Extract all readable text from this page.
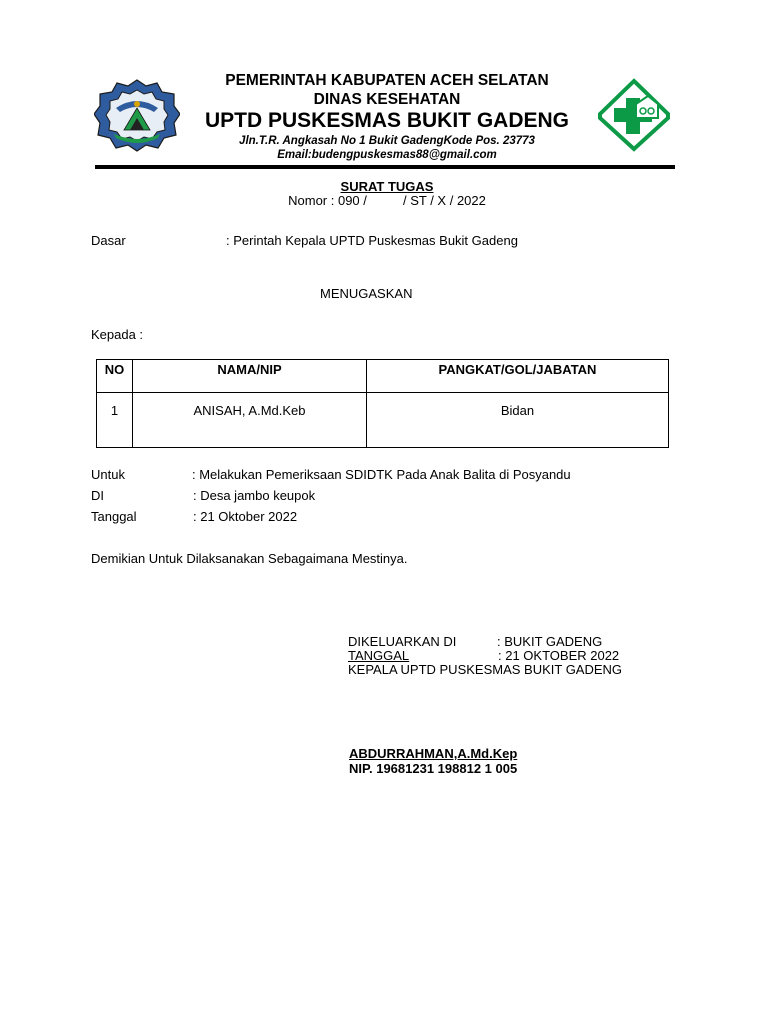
PEMERINTAH KABUPATEN ACEH SELATAN
DINAS KESEHATAN
UPTD PUSKESMAS BUKIT GADENG
Jln.T.R. Angkasah No 1 Bukit GadengKode Pos. 23773
Email:budengpuskesmas88@gmail.com
SURAT TUGAS
Nomor : 090 /          / ST / X / 2022
Dasar	: Perintah Kepala UPTD Puskesmas Bukit Gadeng
MENUGASKAN
Kepada :
NO	NAMA/NIP	PANGKAT/GOL/JABATAN
1	ANISAH, A.Md.Keb	Bidan
Untuk	: Melakukan Pemeriksaan SDIDTK Pada Anak Balita di Posyandu
DI	: Desa jambo keupok
Tanggal	: 21 Oktober 2022
Demikian Untuk Dilaksanakan Sebagaimana Mestinya.
DIKELUARKAN DI	: BUKIT GADENG
TANGGAL	: 21 OKTOBER 2022
KEPALA UPTD PUSKESMAS BUKIT GADENG
ABDURRAHMAN,A.Md.Kep
NIP. 19681231 198812 1 005
